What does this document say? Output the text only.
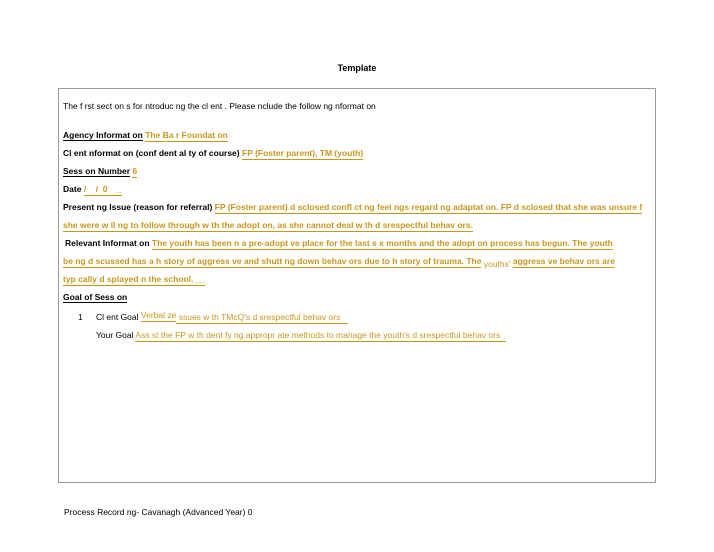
Template
The f rst sect on s for ntroduc ng the cl ent . Please nclude the follow ng nformat on
Agency Informat on The Ba r Foundat on
Cl ent nformat on (conf dent al ty of course) FP (Foster parent), TM (youth)
Sess on Number 6
Date /    /  0    _
Present ng Issue (reason for referral) FP (Foster parent) d sclosed confl ct ng feel ngs regard ng adaptat on. FP d sclosed that she was unsure f
she were w ll ng to follow through w th the adopt on, as she cannot deal w th d srespectful behav ors.
Relevant Informat on The youth has been n a pre-adopt ve place for the last s x months and the adopt on process has begun. The youth
be ng d scussed has a h story of aggress ve and shutt ng down behav ors due to h story of trauma. The youths' aggress ve behav ors are
typ cally d splayed n the school. __
Goal of Sess on
1 Cl ent Goal Verbal ze ssues w th TMcQ's d srespectful behav ors
Your Goal Ass st the FP w th dent fy ng appropr ate methods to manage the youth's d srespectful behav ors
Process Record ng- Cavanagh (Advanced Year) 0
